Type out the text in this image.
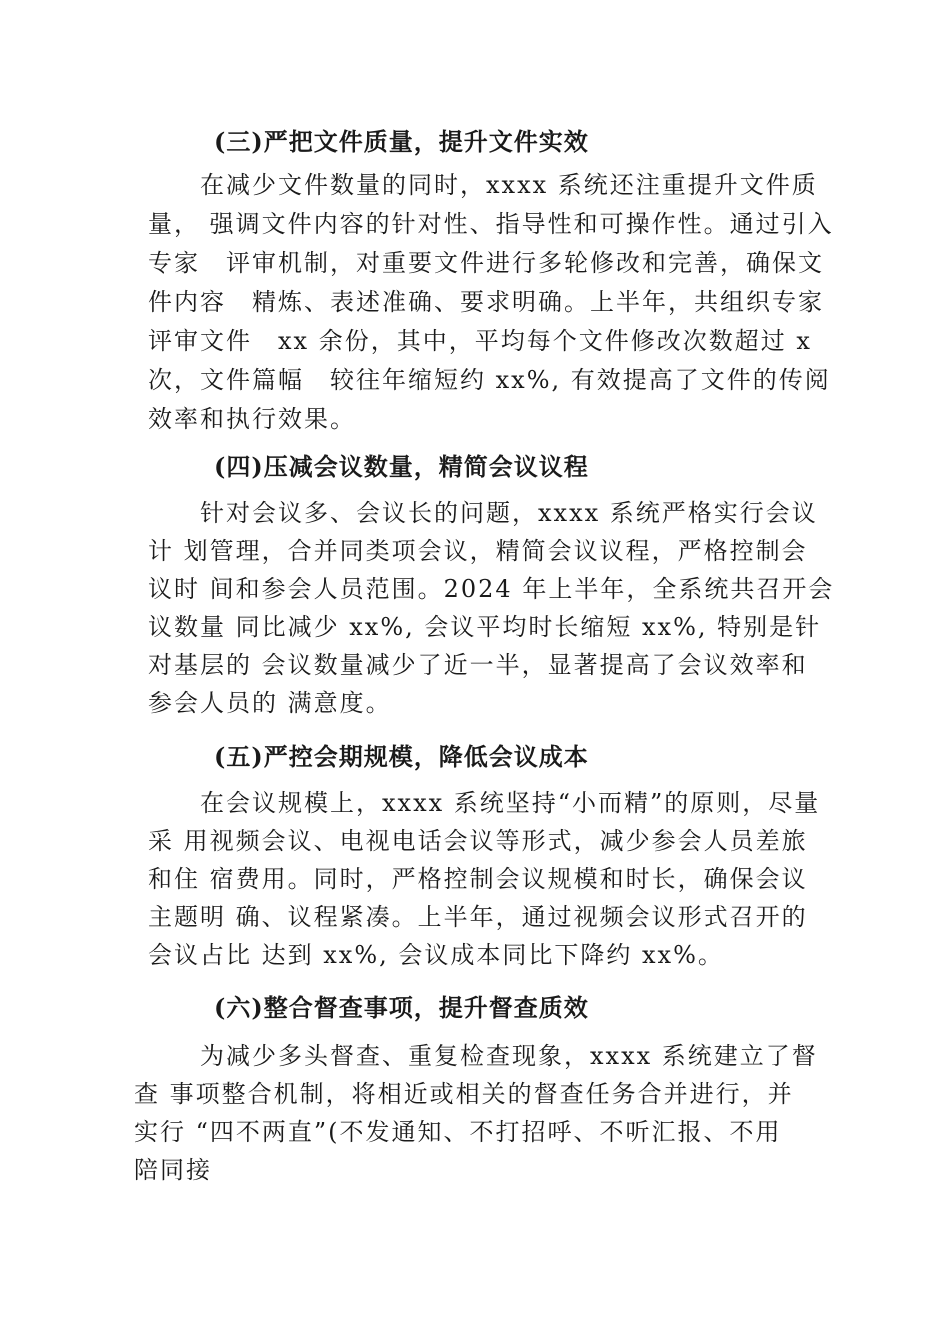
(三)严把文件质量，提升文件实效
在减少文件数量的同时，xxxx 系统还注重提升文件质
量， 强调文件内容的针对性、指导性和可操作性。通过引入
专家　评审机制，对重要文件进行多轮修改和完善，确保文
件内容　精炼、表述准确、要求明确。上半年，共组织专家
评审文件　xx 余份，其中，平均每个文件修改次数超过 x
次，文件篇幅　较往年缩短约 xx%, 有效提高了文件的传阅
效率和执行效果。
(四)压减会议数量，精简会议议程
针对会议多、会议长的问题，xxxx 系统严格实行会议
计 划管理，合并同类项会议，精简会议议程，严格控制会
议时 间和参会人员范围。2024 年上半年，全系统共召开会
议数量 同比减少 xx%, 会议平均时长缩短 xx%, 特别是针
对基层的 会议数量减少了近一半，显著提高了会议效率和
参会人员的 满意度。
(五)严控会期规模，降低会议成本
在会议规模上，xxxx 系统坚持“小而精”的原则，尽量
采 用视频会议、电视电话会议等形式，减少参会人员差旅
和住 宿费用。同时，严格控制会议规模和时长，确保会议
主题明 确、议程紧凑。上半年，通过视频会议形式召开的
会议占比 达到 xx%, 会议成本同比下降约 xx%。
(六)整合督查事项，提升督查质效
为减少多头督查、重复检查现象，xxxx 系统建立了督
查 事项整合机制，将相近或相关的督查任务合并进行，并
实行 “四不两直”(不发通知、不打招呼、不听汇报、不用
陪同接
